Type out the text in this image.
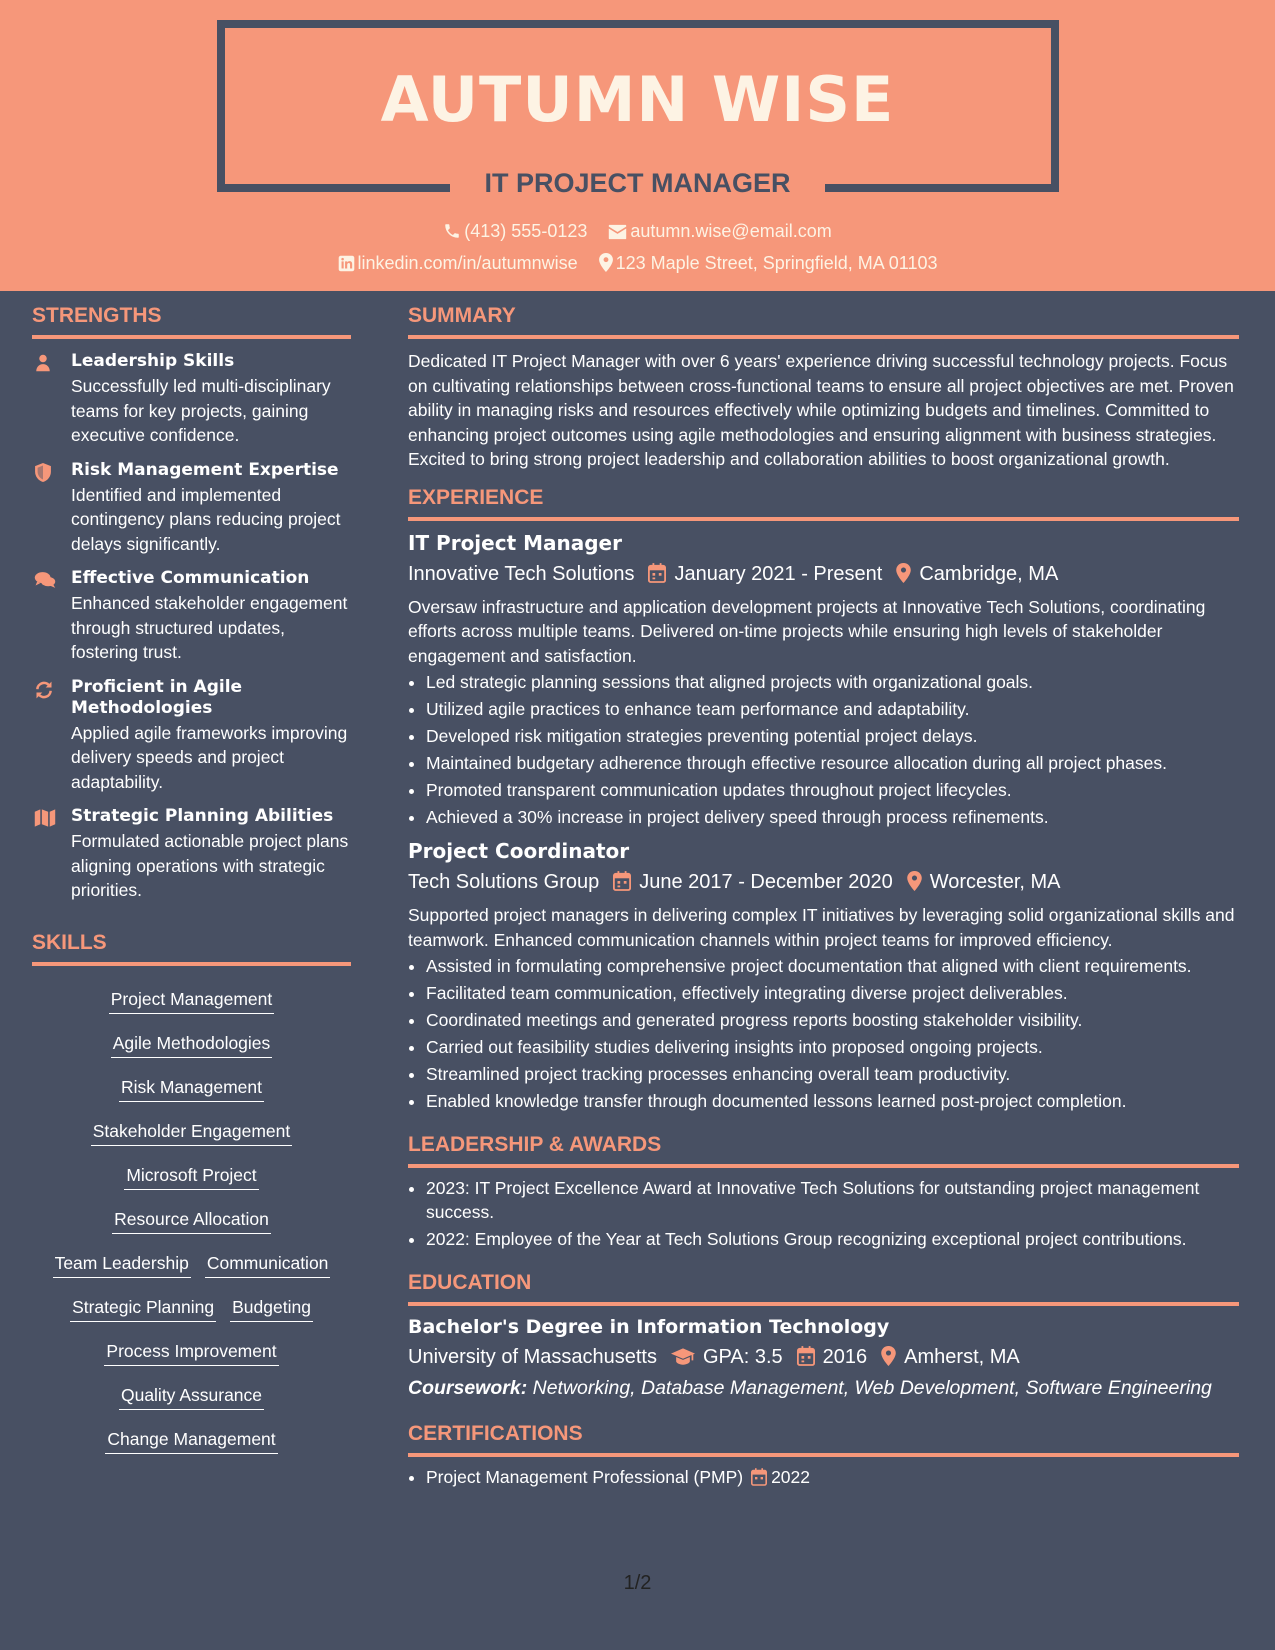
AUTUMN WISE
IT PROJECT MANAGER
(413) 555-0123 autumn.wise@email.com
linkedin.com/in/autumnwise 123 Maple Street, Springfield, MA 01103
STRENGTHS
Leadership Skills
Successfully led multi-disciplinary teams for key projects, gaining executive confidence.
Risk Management Expertise
Identified and implemented contingency plans reducing project delays significantly.
Effective Communication
Enhanced stakeholder engagement through structured updates, fostering trust.
Proficient in Agile Methodologies
Applied agile frameworks improving delivery speeds and project adaptability.
Strategic Planning Abilities
Formulated actionable project plans aligning operations with strategic priorities.
SKILLS
Project Management
Agile Methodologies
Risk Management
Stakeholder Engagement
Microsoft Project
Resource Allocation
Team Leadership Communication
Strategic Planning Budgeting
Process Improvement
Quality Assurance
Change Management
SUMMARY
Dedicated IT Project Manager with over 6 years' experience driving successful technology projects. Focus on cultivating relationships between cross-functional teams to ensure all project objectives are met. Proven ability in managing risks and resources effectively while optimizing budgets and timelines. Committed to enhancing project outcomes using agile methodologies and ensuring alignment with business strategies. Excited to bring strong project leadership and collaboration abilities to boost organizational growth.
EXPERIENCE
IT Project Manager
Innovative Tech Solutions January 2021 - Present Cambridge, MA
Oversaw infrastructure and application development projects at Innovative Tech Solutions, coordinating efforts across multiple teams. Delivered on-time projects while ensuring high levels of stakeholder engagement and satisfaction.
• Led strategic planning sessions that aligned projects with organizational goals.
• Utilized agile practices to enhance team performance and adaptability.
• Developed risk mitigation strategies preventing potential project delays.
• Maintained budgetary adherence through effective resource allocation during all project phases.
• Promoted transparent communication updates throughout project lifecycles.
• Achieved a 30% increase in project delivery speed through process refinements.
Project Coordinator
Tech Solutions Group June 2017 - December 2020 Worcester, MA
Supported project managers in delivering complex IT initiatives by leveraging solid organizational skills and teamwork. Enhanced communication channels within project teams for improved efficiency.
• Assisted in formulating comprehensive project documentation that aligned with client requirements.
• Facilitated team communication, effectively integrating diverse project deliverables.
• Coordinated meetings and generated progress reports boosting stakeholder visibility.
• Carried out feasibility studies delivering insights into proposed ongoing projects.
• Streamlined project tracking processes enhancing overall team productivity.
• Enabled knowledge transfer through documented lessons learned post-project completion.
LEADERSHIP & AWARDS
• 2023: IT Project Excellence Award at Innovative Tech Solutions for outstanding project management success.
• 2022: Employee of the Year at Tech Solutions Group recognizing exceptional project contributions.
EDUCATION
Bachelor's Degree in Information Technology
University of Massachusetts GPA: 3.5 2016 Amherst, MA
Coursework: Networking, Database Management, Web Development, Software Engineering
CERTIFICATIONS
• Project Management Professional (PMP) 2022
1/2
